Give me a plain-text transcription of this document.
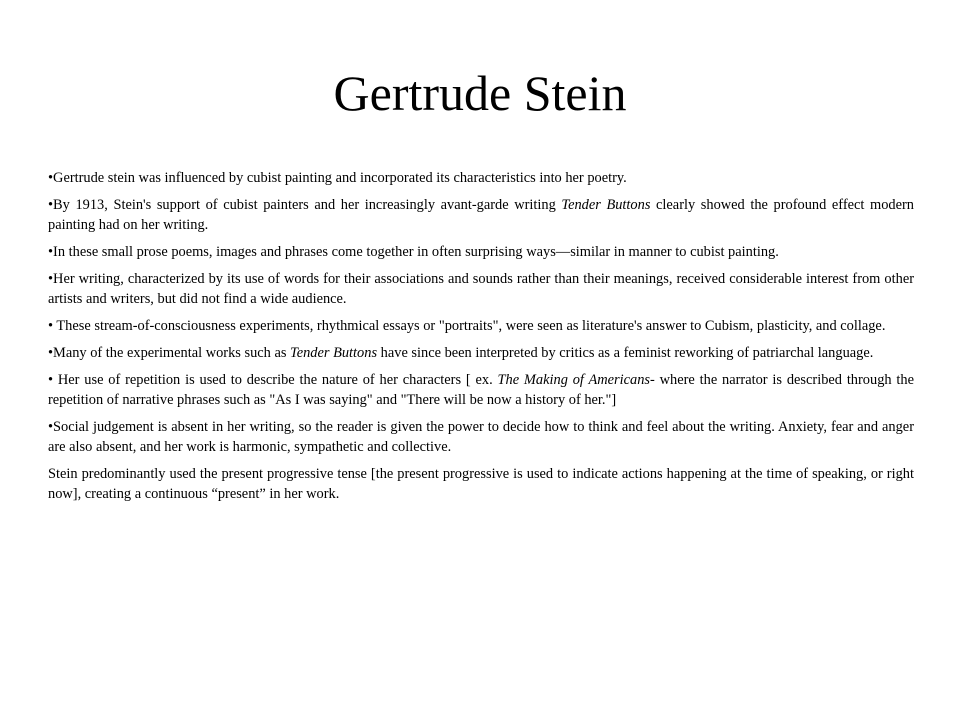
Gertrude Stein

•Gertrude stein was influenced by cubist painting and incorporated its characteristics into her poetry.

•By 1913, Stein's support of cubist painters and her increasingly avant-garde writing Tender Buttons clearly showed the profound effect modern painting had on her writing.

•In these small prose poems, images and phrases come together in often surprising ways—similar in manner to cubist painting.

•Her writing, characterized by its use of words for their associations and sounds rather than their meanings, received considerable interest from other artists and writers, but did not find a wide audience.

• These stream-of-consciousness experiments, rhythmical essays or "portraits", were seen as literature's answer to Cubism, plasticity, and collage.

•Many of the experimental works such as Tender Buttons have since been interpreted by critics as a feminist reworking of patriarchal language.

• Her use of repetition is used to describe the nature of her characters [ ex. The Making of Americans- where the narrator is described through the repetition of narrative phrases such as "As I was saying" and "There will be now a history of her."]

•Social judgement is absent in her writing, so the reader is given the power to decide how to think and feel about the writing. Anxiety, fear and anger are also absent, and her work is harmonic, sympathetic and collective.

Stein predominantly used the present progressive tense [the present progressive is used to indicate actions happening at the time of speaking, or right now], creating a continuous “present” in her work.
